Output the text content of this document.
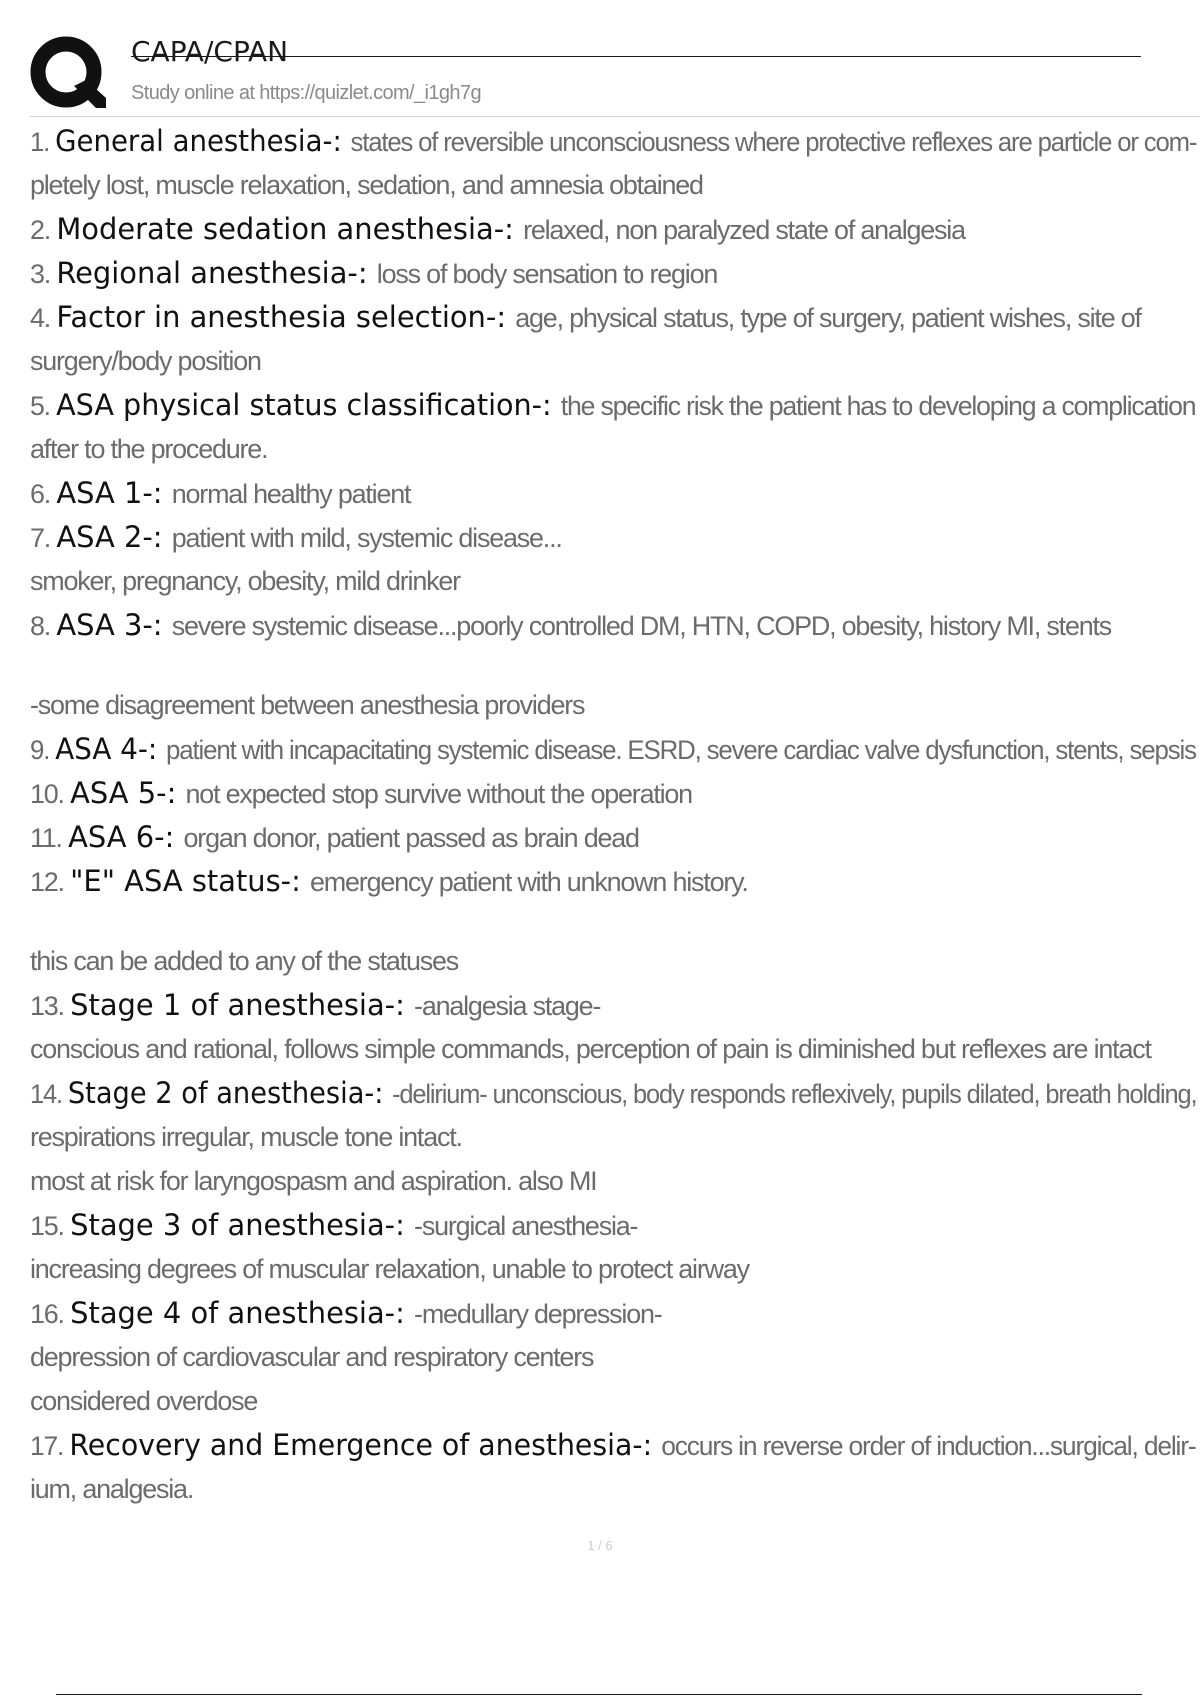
CAPA/CPAN
Study online at https://quizlet.com/_i1gh7g
1. General anesthesia-: states of reversible unconsciousness where protective reflexes are particle or com-
pletely lost, muscle relaxation, sedation, and amnesia obtained
2. Moderate sedation anesthesia-: relaxed, non paralyzed state of analgesia
3. Regional anesthesia-: loss of body sensation to region
4. Factor in anesthesia selection-: age, physical status, type of surgery, patient wishes, site of
surgery/body position
5. ASA physical status classification-: the specific risk the patient has to developing a complication
after to the procedure.
6. ASA 1-: normal healthy patient
7. ASA 2-: patient with mild, systemic disease...
smoker, pregnancy, obesity, mild drinker
8. ASA 3-: severe systemic disease...poorly controlled DM, HTN, COPD, obesity, history MI, stents
-some disagreement between anesthesia providers
9. ASA 4-: patient with incapacitating systemic disease. ESRD, severe cardiac valve dysfunction, stents, sepsis
10. ASA 5-: not expected stop survive without the operation
11. ASA 6-: organ donor, patient passed as brain dead
12. "E" ASA status-: emergency patient with unknown history.
this can be added to any of the statuses
13. Stage 1 of anesthesia-: -analgesia stage-
conscious and rational, follows simple commands, perception of pain is diminished but reflexes are intact
14. Stage 2 of anesthesia-: -delirium- unconscious, body responds reflexively, pupils dilated, breath holding,
respirations irregular, muscle tone intact.
most at risk for laryngospasm and aspiration. also MI
15. Stage 3 of anesthesia-: -surgical anesthesia-
increasing degrees of muscular relaxation, unable to protect airway
16. Stage 4 of anesthesia-: -medullary depression-
depression of cardiovascular and respiratory centers
considered overdose
17. Recovery and Emergence of anesthesia-: occurs in reverse order of induction...surgical, delir-
ium, analgesia.
1 / 6
